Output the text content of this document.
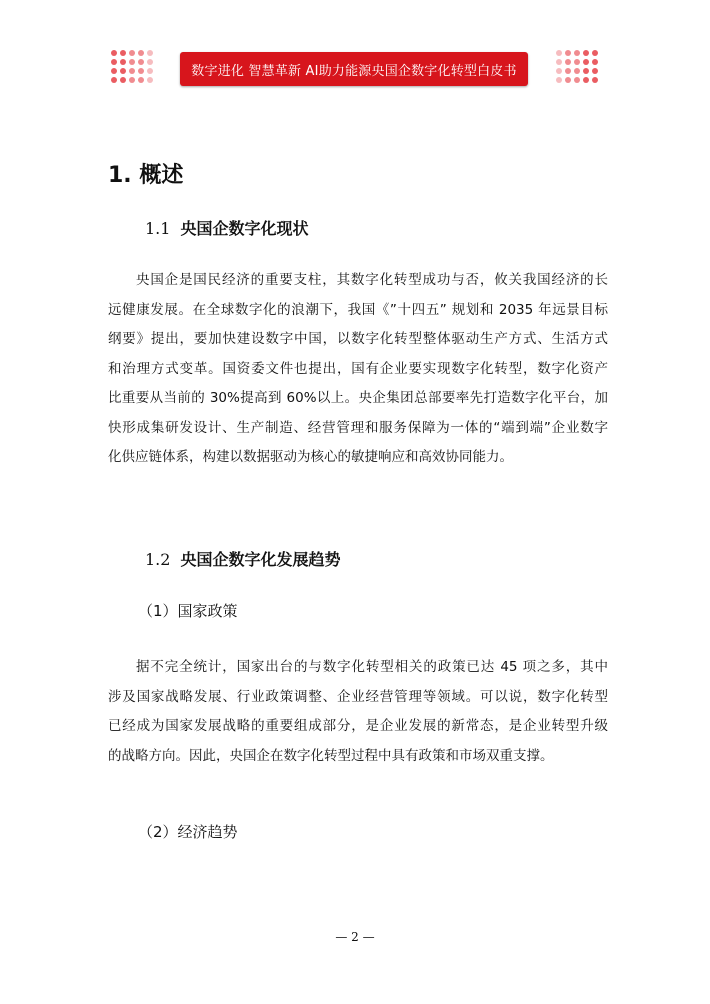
数字进化 智慧革新 AI助力能源央国企数字化转型白皮书
1. 概述
1.1 央国企数字化现状
央国企是国民经济的重要支柱，其数字化转型成功与否，攸关我国经济的长
远健康发展。在全球数字化的浪潮下，我国《”十四五” 规划和 2035 年远景目标
纲要》提出，要加快建设数字中国，以数字化转型整体驱动生产方式、生活方式
和治理方式变革。国资委文件也提出，国有企业要实现数字化转型，数字化资产
比重要从当前的 30%提高到 60%以上。央企集团总部要率先打造数字化平台，加
快形成集研发设计、生产制造、经营管理和服务保障为一体的“端到端”企业数字
化供应链体系，构建以数据驱动为核心的敏捷响应和高效协同能力。
1.2 央国企数字化发展趋势
（1）国家政策
据不完全统计，国家出台的与数字化转型相关的政策已达 45 项之多，其中
涉及国家战略发展、行业政策调整、企业经营管理等领域。可以说，数字化转型
已经成为国家发展战略的重要组成部分，是企业发展的新常态，是企业转型升级
的战略方向。因此，央国企在数字化转型过程中具有政策和市场双重支撑。
（2）经济趋势
— 2 —
